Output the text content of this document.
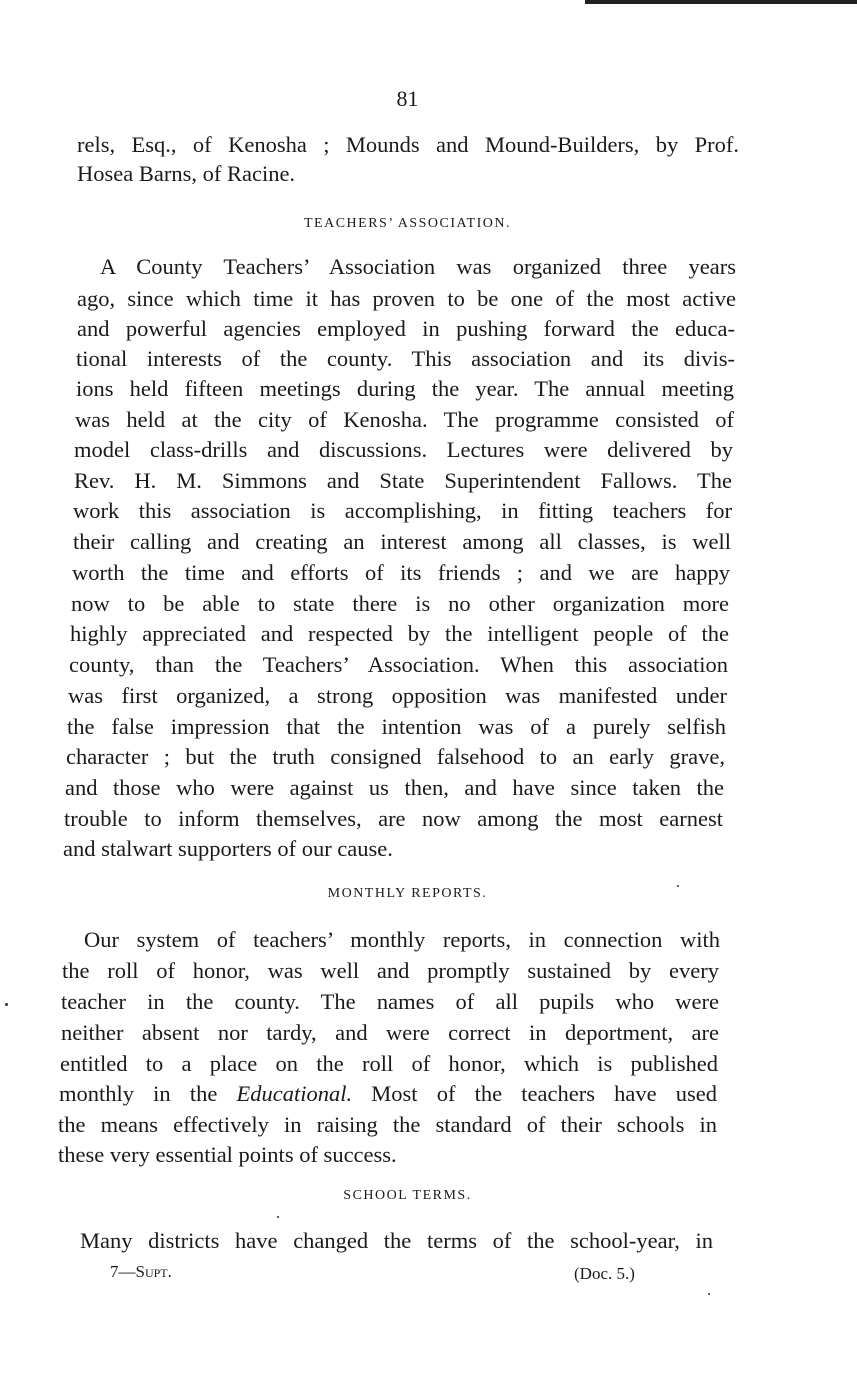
81
rels, Esq., of Kenosha ; Mounds and Mound-Builders, by Prof.
Hosea Barns, of Racine.
TEACHERS’ ASSOCIATION.
A County Teachers’ Association was organized three years
ago, since which time it has proven to be one of the most active
and powerful agencies employed in pushing forward the educa-
tional interests of the county. This association and its divis-
ions held fifteen meetings during the year. The annual meeting
was held at the city of Kenosha. The programme consisted of
model class-drills and discussions. Lectures were delivered by
Rev. H. M. Simmons and State Superintendent Fallows. The
work this association is accomplishing, in fitting teachers for
their calling and creating an interest among all classes, is well
worth the time and efforts of its friends ; and we are happy
now to be able to state there is no other organization more
highly appreciated and respected by the intelligent people of the
county, than the Teachers’ Association. When this association
was first organized, a strong opposition was manifested under
the false impression that the intention was of a purely selfish
character ; but the truth consigned falsehood to an early grave,
and those who were against us then, and have since taken the
trouble to inform themselves, are now among the most earnest
and stalwart supporters of our cause.
MONTHLY REPORTS.
Our system of teachers’ monthly reports, in connection with
the roll of honor, was well and promptly sustained by every
teacher in the county. The names of all pupils who were
neither absent nor tardy, and were correct in deportment, are
entitled to a place on the roll of honor, which is published
monthly in the Educational. Most of the teachers have used
the means effectively in raising the standard of their schools in
these very essential points of success.
SCHOOL TERMS.
Many districts have changed the terms of the school-year, in
7—Supt.	(Doc. 5.)
